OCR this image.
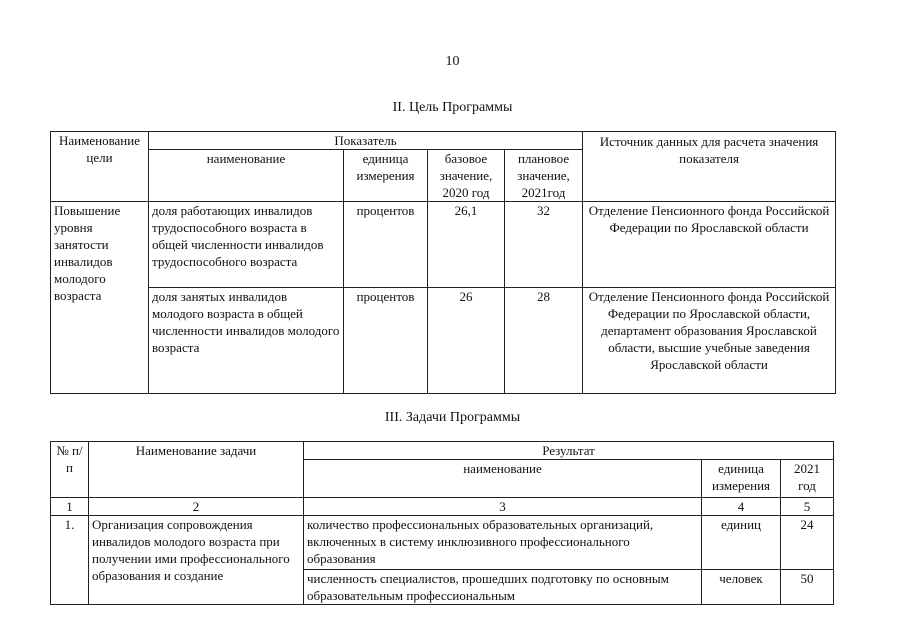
10
II. Цель Программы
Наименование цели	Показатель				Источник данных для расчета значения показателя
	наименование	единица измерения	базовое значение, 2020 год	плановое значение, 2021год	
Повышение уровня занятости инвалидов молодого возраста	доля работающих инвалидов трудоспособного возраста в общей численности инвалидов трудоспособного возраста	процентов	26,1	32	Отделение Пенсионного фонда Российской Федерации по Ярославской области
	доля занятых инвалидов молодого возраста в общей численности инвалидов молодого возраста	процентов	26	28	Отделение Пенсионного фонда Российской Федерации по Ярославской области, департамент образования Ярославской области, высшие учебные заведения Ярославской области
III. Задачи Программы
№ п/п	Наименование задачи	Результат		
		наименование	единица измерения	2021 год
1	2	3	4	5
1.	Организация сопровождения инвалидов молодого возраста при получении ими профессионального образования и создание	количество профессиональных образовательных организаций, включенных в систему инклюзивного профессионального образования	единиц	24
		численность специалистов, прошедших подготовку по основным образовательным профессиональным	человек	50
